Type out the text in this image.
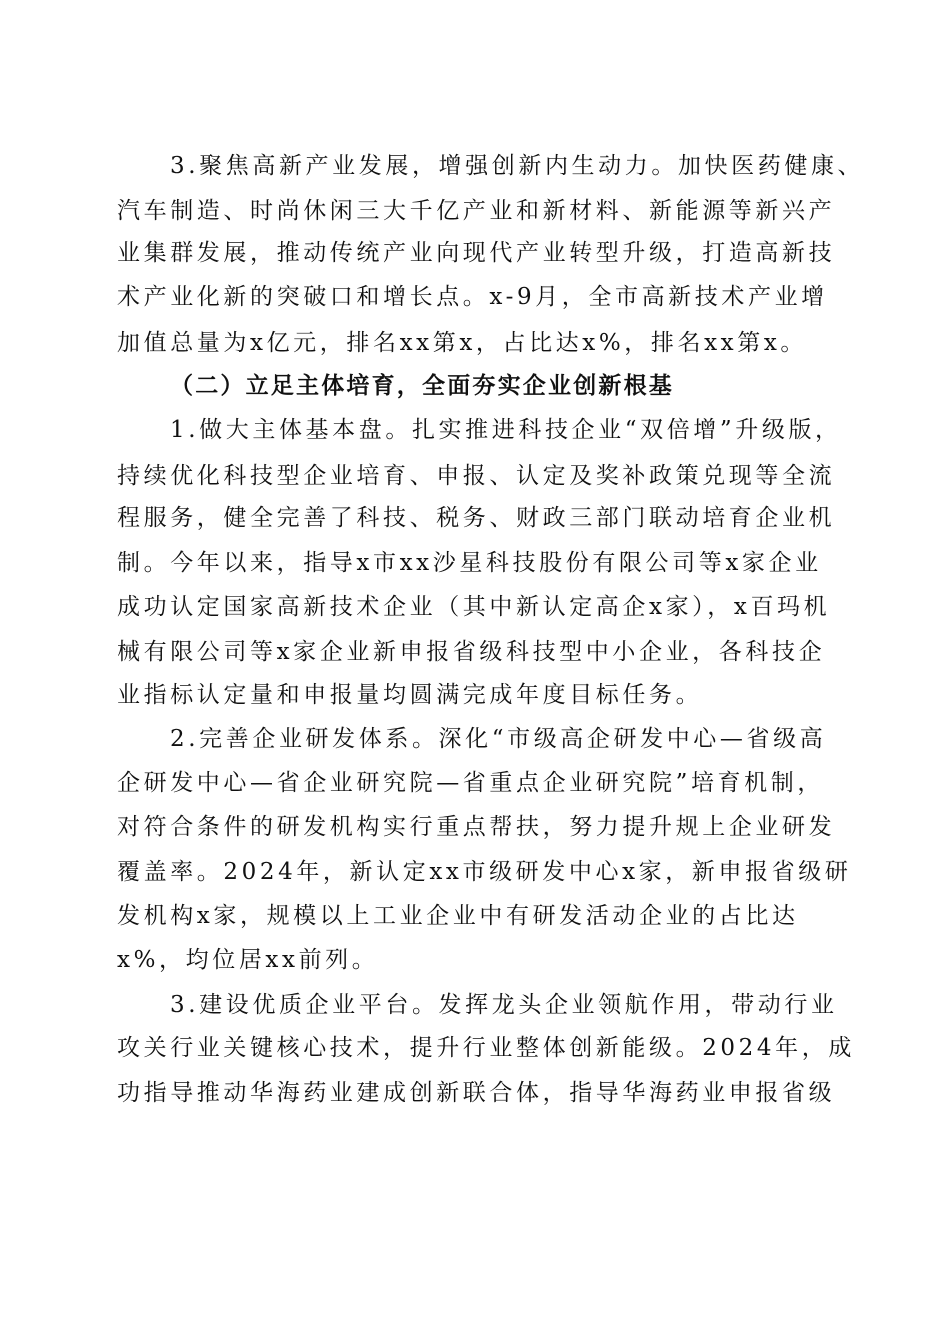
3.聚焦高新产业发展，增强创新内生动力。加快医药健康、

汽车制造、时尚休闲三大千亿产业和新材料、新能源等新兴产

业集群发展，推动传统产业向现代产业转型升级，打造高新技

术产业化新的突破口和增长点。x-9月，全市高新技术产业增

加值总量为x亿元，排名xx第x，占比达x%，排名xx第x。

（二）立足主体培育，全面夯实企业创新根基

1.做大主体基本盘。扎实推进科技企业“双倍增”升级版，

持续优化科技型企业培育、申报、认定及奖补政策兑现等全流

程服务，健全完善了科技、税务、财政三部门联动培育企业机

制。今年以来，指导x市xx沙星科技股份有限公司等x家企业

成功认定国家高新技术企业（其中新认定高企x家），x百玛机

械有限公司等x家企业新申报省级科技型中小企业，各科技企

业指标认定量和申报量均圆满完成年度目标任务。

2.完善企业研发体系。深化“市级高企研发中心—省级高

企研发中心—省企业研究院—省重点企业研究院”培育机制，

对符合条件的研发机构实行重点帮扶，努力提升规上企业研发

覆盖率。2024年，新认定xx市级研发中心x家，新申报省级研

发机构x家，规模以上工业企业中有研发活动企业的占比达

x%，均位居xx前列。

3.建设优质企业平台。发挥龙头企业领航作用，带动行业

攻关行业关键核心技术，提升行业整体创新能级。2024年，成

功指导推动华海药业建成创新联合体，指导华海药业申报省级
